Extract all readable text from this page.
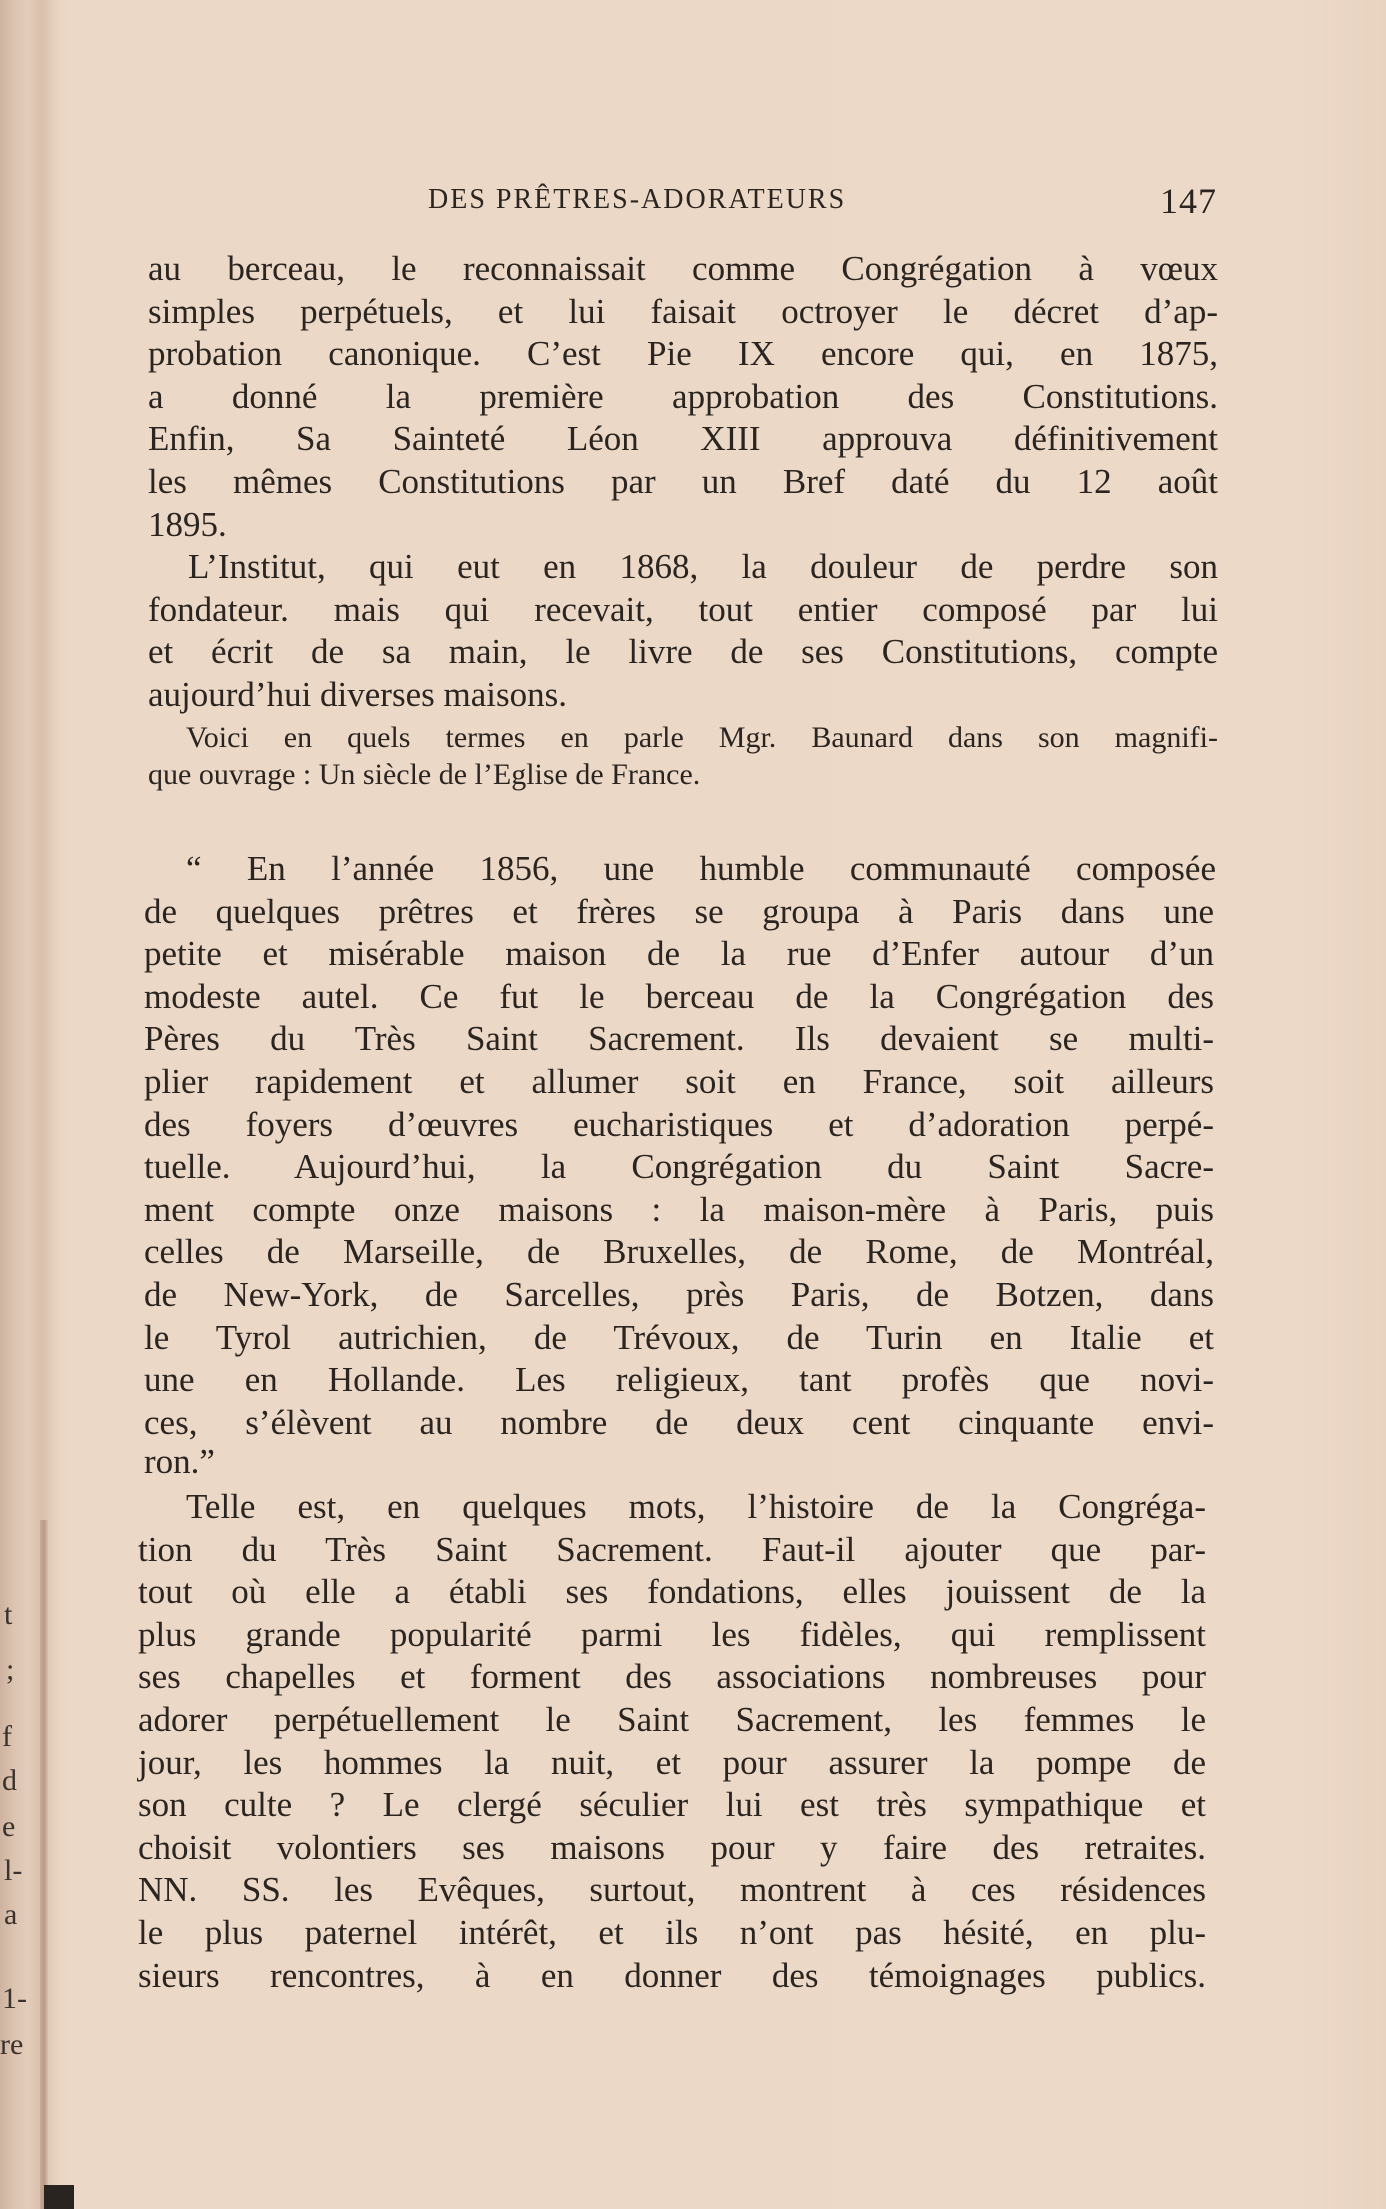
t
;
f
d
e
l-
a
1-
re
DES PRÊTRES-ADORATEURS	147
au berceau, le reconnaissait comme Congrégation à vœux
simples perpétuels, et lui faisait octroyer le décret d’ap-
probation canonique. C’est Pie IX encore qui, en 1875,
a donné la première approbation des Constitutions.
Enfin, Sa Sainteté Léon XIII approuva définitivement
les mêmes Constitutions par un Bref daté du 12 août
1895.
L’Institut, qui eut en 1868, la douleur de perdre son
fondateur. mais qui recevait, tout entier composé par lui
et écrit de sa main, le livre de ses Constitutions, compte
aujourd’hui diverses maisons.
Voici en quels termes en parle Mgr. Baunard dans son magnifi-
que ouvrage : Un siècle de l’Eglise de France.
“ En l’année 1856, une humble communauté composée
de quelques prêtres et frères se groupa à Paris dans une
petite et misérable maison de la rue d’Enfer autour d’un
modeste autel. Ce fut le berceau de la Congrégation des
Pères du Très Saint Sacrement. Ils devaient se multi-
plier rapidement et allumer soit en France, soit ailleurs
des foyers d’œuvres eucharistiques et d’adoration perpé-
tuelle. Aujourd’hui, la Congrégation du Saint Sacre-
ment compte onze maisons : la maison-mère à Paris, puis
celles de Marseille, de Bruxelles, de Rome, de Montréal,
de New-York, de Sarcelles, près Paris, de Botzen, dans
le Tyrol autrichien, de Trévoux, de Turin en Italie et
une en Hollande. Les religieux, tant profès que novi-
ces, s’élèvent au nombre de deux cent cinquante envi-
ron.”
Telle est, en quelques mots, l’histoire de la Congréga-
tion du Très Saint Sacrement. Faut-il ajouter que par-
tout où elle a établi ses fondations, elles jouissent de la
plus grande popularité parmi les fidèles, qui remplissent
ses chapelles et forment des associations nombreuses pour
adorer perpétuellement le Saint Sacrement, les femmes le
jour, les hommes la nuit, et pour assurer la pompe de
son culte ? Le clergé séculier lui est très sympathique et
choisit volontiers ses maisons pour y faire des retraites.
NN. SS. les Evêques, surtout, montrent à ces résidences
le plus paternel intérêt, et ils n’ont pas hésité, en plu-
sieurs rencontres, à en donner des témoignages publics.
